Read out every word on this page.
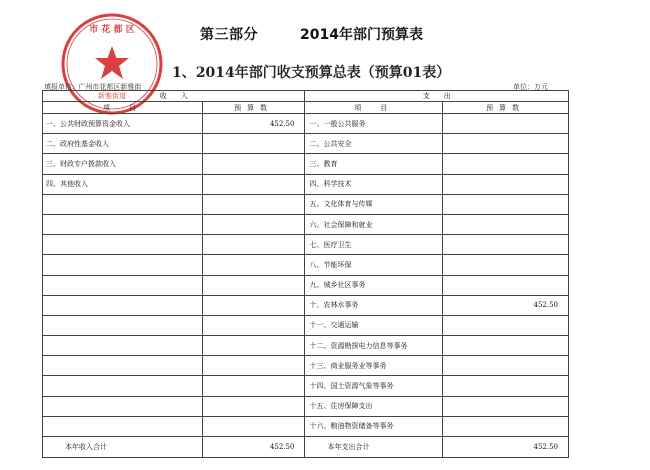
市 花 都 区
新雅街道
第三部分	2014年部门预算表
1、2014年部门收支预算总表（预算01表）
填报单位: 广州市花都区新雅街	单位：万元
收　　入		支　　出	
项　目	预算数	项　目	预算数
一、公共财政预算资金收入	452.50	一、一般公共服务	
二、政府性基金收入		二、公共安全	
三、财政专户拨款收入		三、教育	
四、其他收入		四、科学技术	
		五、文化体育与传媒	
		六、社会保障和就业	
		七、医疗卫生	
		八、节能环保	
		九、城乡社区事务	
		十、农林水事务	452.50
		十一、交通运输	
		十二、资源勘探电力信息等事务	
		十三、商业服务业等事务	
		十四、国土资源气象等事务	
		十五、住房保障支出	
		十六、粮油物资储备等事务	
本年收入合计	452.50	本年支出合计	452.50
